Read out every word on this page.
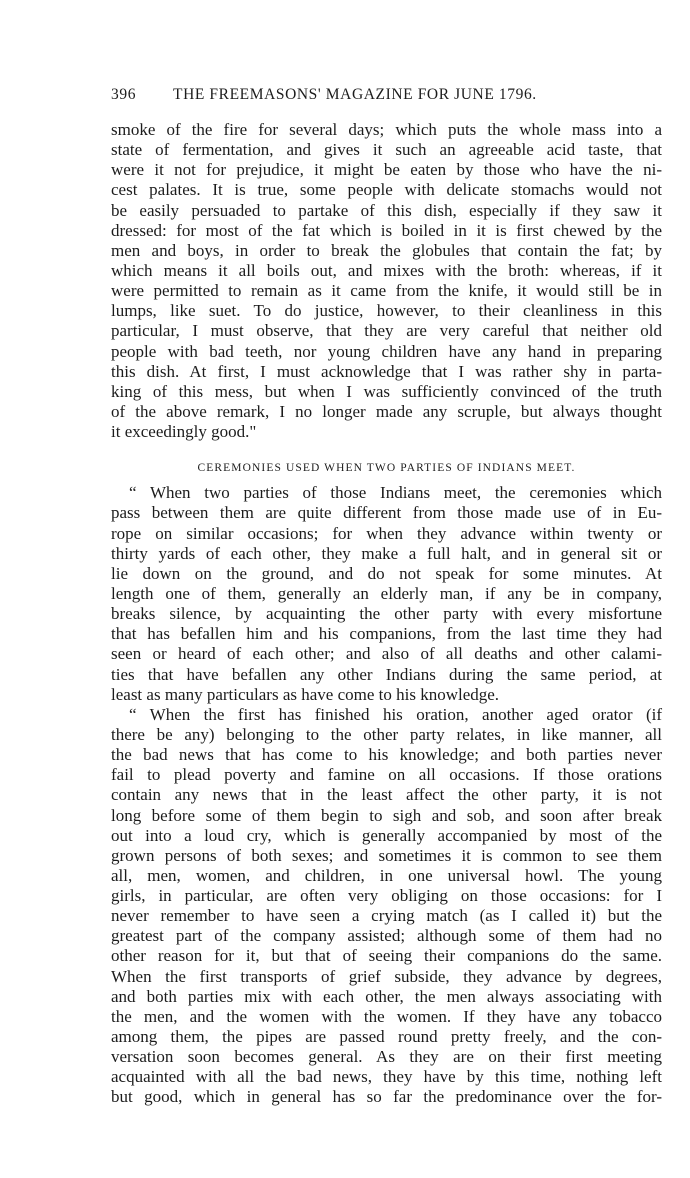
396	THE FREEMASONS' MAGAZINE FOR JUNE 1796.
smoke of the fire for several days; which puts the whole mass into a
state of fermentation, and gives it such an agreeable acid taste, that
were it not for prejudice, it might be eaten by those who have the ni-
cest palates. It is true, some people with delicate stomachs would not
be easily persuaded to partake of this dish, especially if they saw it
dressed: for most of the fat which is boiled in it is first chewed by the
men and boys, in order to break the globules that contain the fat; by
which means it all boils out, and mixes with the broth: whereas, if it
were permitted to remain as it came from the knife, it would still be in
lumps, like suet. To do justice, however, to their cleanliness in this
particular, I must observe, that they are very careful that neither old
people with bad teeth, nor young children have any hand in preparing
this dish. At first, I must acknowledge that I was rather shy in parta-
king of this mess, but when I was sufficiently convinced of the truth
of the above remark, I no longer made any scruple, but always thought
it exceedingly good."
CEREMONIES USED WHEN TWO PARTIES OF INDIANS MEET.
“ When two parties of those Indians meet, the ceremonies which
pass between them are quite different from those made use of in Eu-
rope on similar occasions; for when they advance within twenty or
thirty yards of each other, they make a full halt, and in general sit or
lie down on the ground, and do not speak for some minutes. At
length one of them, generally an elderly man, if any be in company,
breaks silence, by acquainting the other party with every misfortune
that has befallen him and his companions, from the last time they had
seen or heard of each other; and also of all deaths and other calami-
ties that have befallen any other Indians during the same period, at
least as many particulars as have come to his knowledge.
“ When the first has finished his oration, another aged orator (if
there be any) belonging to the other party relates, in like manner, all
the bad news that has come to his knowledge; and both parties never
fail to plead poverty and famine on all occasions. If those orations
contain any news that in the least affect the other party, it is not
long before some of them begin to sigh and sob, and soon after break
out into a loud cry, which is generally accompanied by most of the
grown persons of both sexes; and sometimes it is common to see them
all, men, women, and children, in one universal howl. The young
girls, in particular, are often very obliging on those occasions: for I
never remember to have seen a crying match (as I called it) but the
greatest part of the company assisted; although some of them had no
other reason for it, but that of seeing their companions do the same.
When the first transports of grief subside, they advance by degrees,
and both parties mix with each other, the men always associating with
the men, and the women with the women. If they have any tobacco
among them, the pipes are passed round pretty freely, and the con-
versation soon becomes general. As they are on their first meeting
acquainted with all the bad news, they have by this time, nothing left
but good, which in general has so far the predominance over the for-
